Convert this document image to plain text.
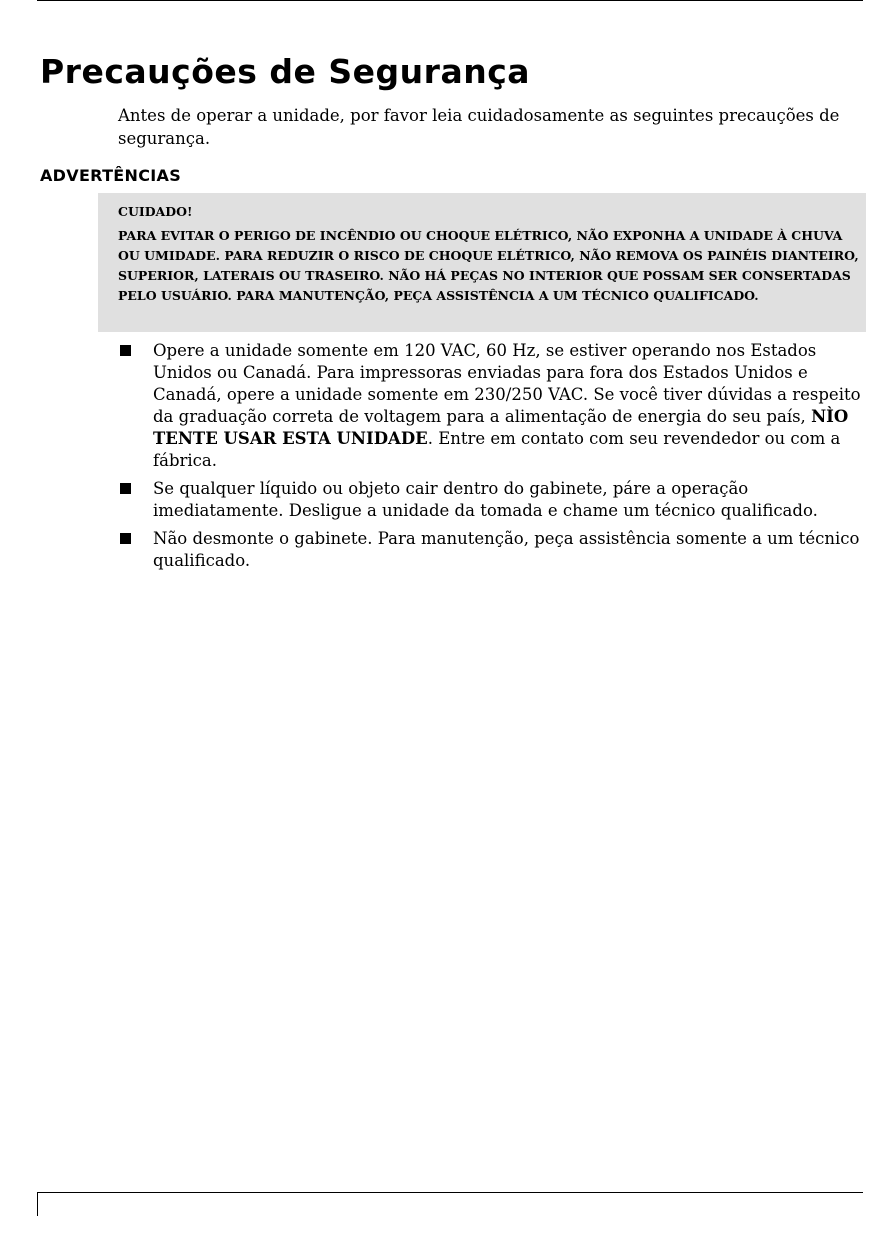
Precauções de Segurança

Antes de operar a unidade, por favor leia cuidadosamente as seguintes precauções de segurança.

ADVERTÊNCIAS

CUIDADO!

PARA EVITAR O PERIGO DE INCÊNDIO OU CHOQUE ELÉTRICO, NÃO EXPONHA A UNIDADE À CHUVA OU UMIDADE. PARA REDUZIR O RISCO DE CHOQUE ELÉTRICO, NÃO REMOVA OS PAINÉIS DIANTEIRO, SUPERIOR, LATERAIS OU TRASEIRO. NÃO HÁ PEÇAS NO INTERIOR QUE POSSAM SER CONSERTADAS PELO USUÁRIO. PARA MANUTENÇÃO, PEÇA ASSISTÊNCIA A UM TÉCNICO QUALIFICADO.

Opere a unidade somente em 120 VAC, 60 Hz, se estiver operando nos Estados Unidos ou Canadá. Para impressoras enviadas para fora dos Estados Unidos e Canadá, opere a unidade somente em 230/250 VAC. Se você tiver dúvidas a respeito da graduação correta de voltagem para a alimentação de energia do seu país, NÌO TENTE USAR ESTA UNIDADE. Entre em contato com seu revendedor ou com a fábrica.
Se qualquer líquido ou objeto cair dentro do gabinete, páre a operação imediatamente. Desligue a unidade da tomada e chame um técnico qualificado.
Não desmonte o gabinete. Para manutenção, peça assistência somente a um técnico qualificado.
